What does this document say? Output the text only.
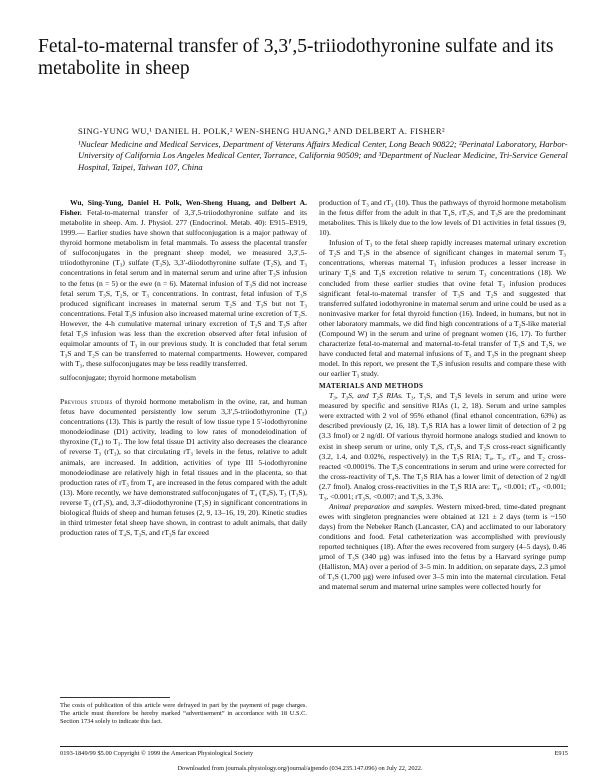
Fetal-to-maternal transfer of 3,3′,5-triiodothyronine sulfate and its metabolite in sheep
SING-YUNG WU,¹ DANIEL H. POLK,² WEN-SHENG HUANG,³ AND DELBERT A. FISHER²

¹Nuclear Medicine and Medical Services, Department of Veterans Affairs Medical Center, Long Beach 90822; ²Perinatal Laboratory, Harbor-University of California Los Angeles Medical Center, Torrance, California 90509; and ³Department of Nuclear Medicine, Tri-Service General Hospital, Taipei, Taiwan 107, China

Wu, Sing-Yung, Daniel H. Polk, Wen-Sheng Huang, and Delbert A. Fisher. Fetal-to-maternal transfer of 3,3′,5-triiodothyronine sulfate and its metabolite in sheep. Am. J. Physiol. 277 (Endocrinol. Metab. 40): E915–E919, 1999.— Earlier studies have shown that sulfoconjugation is a major pathway of thyroid hormone metabolism in fetal mammals. To assess the placental transfer of sulfoconjugates in the pregnant sheep model, we measured 3,3′,5-triiodothyronine (T₃) sulfate (T₃S), 3,3′-diiodothyronine sulfate (T₂S), and T₃ concentrations in fetal serum and in maternal serum and urine after T₃S infusion to the fetus (n = 5) or the ewe (n = 6). Maternal infusion of T₃S did not increase fetal serum T₃S, T₂S, or T₃ concentrations. In contrast, fetal infusion of T₃S produced significant increases in maternal serum T₂S and T₃S but not T₃ concentrations. Fetal T₃S infusion also increased maternal urine excretion of T₂S. However, the 4-h cumulative maternal urinary excretion of T₂S and T₃S after fetal T₃S infusion was less than the excretion observed after fetal infusion of equimolar amounts of T₃ in our previous study. It is concluded that fetal serum T₃S and T₂S can be transferred to maternal compartments. However, compared with T₃, these sulfoconjugates may be less readily transferred.

sulfoconjugate; thyroid hormone metabolism

Previous studies of thyroid hormone metabolism in the ovine, rat, and human fetus have documented persistently low serum 3,3′,5-triiodothyronine (T₃) concentrations (13). This is partly the result of low tissue type I 5′-iodothyronine monodeiodinase (D1) activity, leading to low rates of monodeiodination of thyroxine (T₄) to T₃. The low fetal tissue D1 activity also decreases the clearance of reverse T₃ (rT₃), so that circulating rT₃ levels in the fetus, relative to adult animals, are increased. In addition, activities of type III 5-iodothyronine monodeiodinase are relatively high in fetal tissues and in the placenta, so that production rates of rT₃ from T₄ are increased in the fetus compared with the adult (13). More recently, we have demonstrated sulfoconjugates of T₄ (T₄S), T₃ (T₃S), reverse T₃ (rT₃S), and, 3,3′-diiodothyronine (T₂S) in significant concentrations in biological fluids of sheep and human fetuses (2, 9, 13–16, 19, 20). Kinetic studies in third trimester fetal sheep have shown, in contrast to adult animals, that daily production rates of T₄S, T₃S, and rT₃S far exceed

production of T₃ and rT₃ (10). Thus the pathways of thyroid hormone metabolism in the fetus differ from the adult in that T₄S, rT₃S, and T₃S are the predominant metabolites. This is likely due to the low levels of D1 activities in fetal tissues (9, 10).

Infusion of T₃ to the fetal sheep rapidly increases maternal urinary excretion of T₂S and T₃S in the absence of significant changes in maternal serum T₃ concentrations, whereas maternal T₃ infusion produces a lesser increase in urinary T₂S and T₃S excretion relative to serum T₃ concentrations (18). We concluded from these earlier studies that ovine fetal T₃ infusion produces significant fetal-to-maternal transfer of T₃S and T₂S and suggested that transferred sulfated iodothyronine in maternal serum and urine could be used as a noninvasive marker for fetal thyroid function (16). Indeed, in humans, but not in other laboratory mammals, we did find high concentrations of a T₂S-like material (Compound W) in the serum and urine of pregnant women (16, 17). To further characterize fetal-to-maternal and maternal-to-fetal transfer of T₃S and T₂S, we have conducted fetal and maternal infusions of T₃ and T₃S in the pregnant sheep model. In this report, we present the T₃S infusion results and compare these with our earlier T₃ study.

MATERIALS AND METHODS

T₃, T₃S, and T₂S RIAs. T₃, T₃S, and T₂S levels in serum and urine were measured by specific and sensitive RIAs (1, 2, 18). Serum and urine samples were extracted with 2 vol of 95% ethanol (final ethanol concentration, 63%) as described previously (2, 16, 18). T₃S RIA has a lower limit of detection of 2 pg (3.3 fmol) or 2 ng/dl. Of various thyroid hormone analogs studied and known to exist in sheep serum or urine, only T₄S, rT₃S, and T₂S cross-react significantly (3.2, 1.4, and 0.02%, respectively) in the T₃S RIA; T₄, T₃, rT₃, and T₂ cross-reacted <0.0001%. The T₃S concentrations in serum and urine were corrected for the cross-reactivity of T₄S. The T₂S RIA has a lower limit of detection of 2 ng/dl (2.7 fmol). Analog cross-reactivities in the T₂S RIA are: T₄, <0.001; rT₃, <0.001; T₃, <0.001; rT₃S, <0.007; and T₃S, 3.3%.

Animal preparation and samples. Western mixed-bred, time-dated pregnant ewes with singleton pregnancies were obtained at 121 ± 2 days (term is ~150 days) from the Nebeker Ranch (Lancaster, CA) and acclimated to our laboratory conditions and food. Fetal catheterization was accomplished with previously reported techniques (18). After the ewes recovered from surgery (4–5 days), 0.46 µmol of T₃S (340 µg) was infused into the fetus by a Harvard syringe pump (Halliston, MA) over a period of 3–5 min. In addition, on separate days, 2.3 µmol of T₃S (1,700 µg) were infused over 3–5 min into the maternal circulation. Fetal and maternal serum and maternal urine samples were collected hourly for

The costs of publication of this article were defrayed in part by the payment of page charges. The article must therefore be hereby marked “advertisement” in accordance with 18 U.S.C. Section 1734 solely to indicate this fact.

0193-1849/99 $5.00 Copyright © 1999 the American Physiological Society	E915
Downloaded from journals.physiology.org/journal/ajpendo (034.235.147.096) on July 22, 2022.
